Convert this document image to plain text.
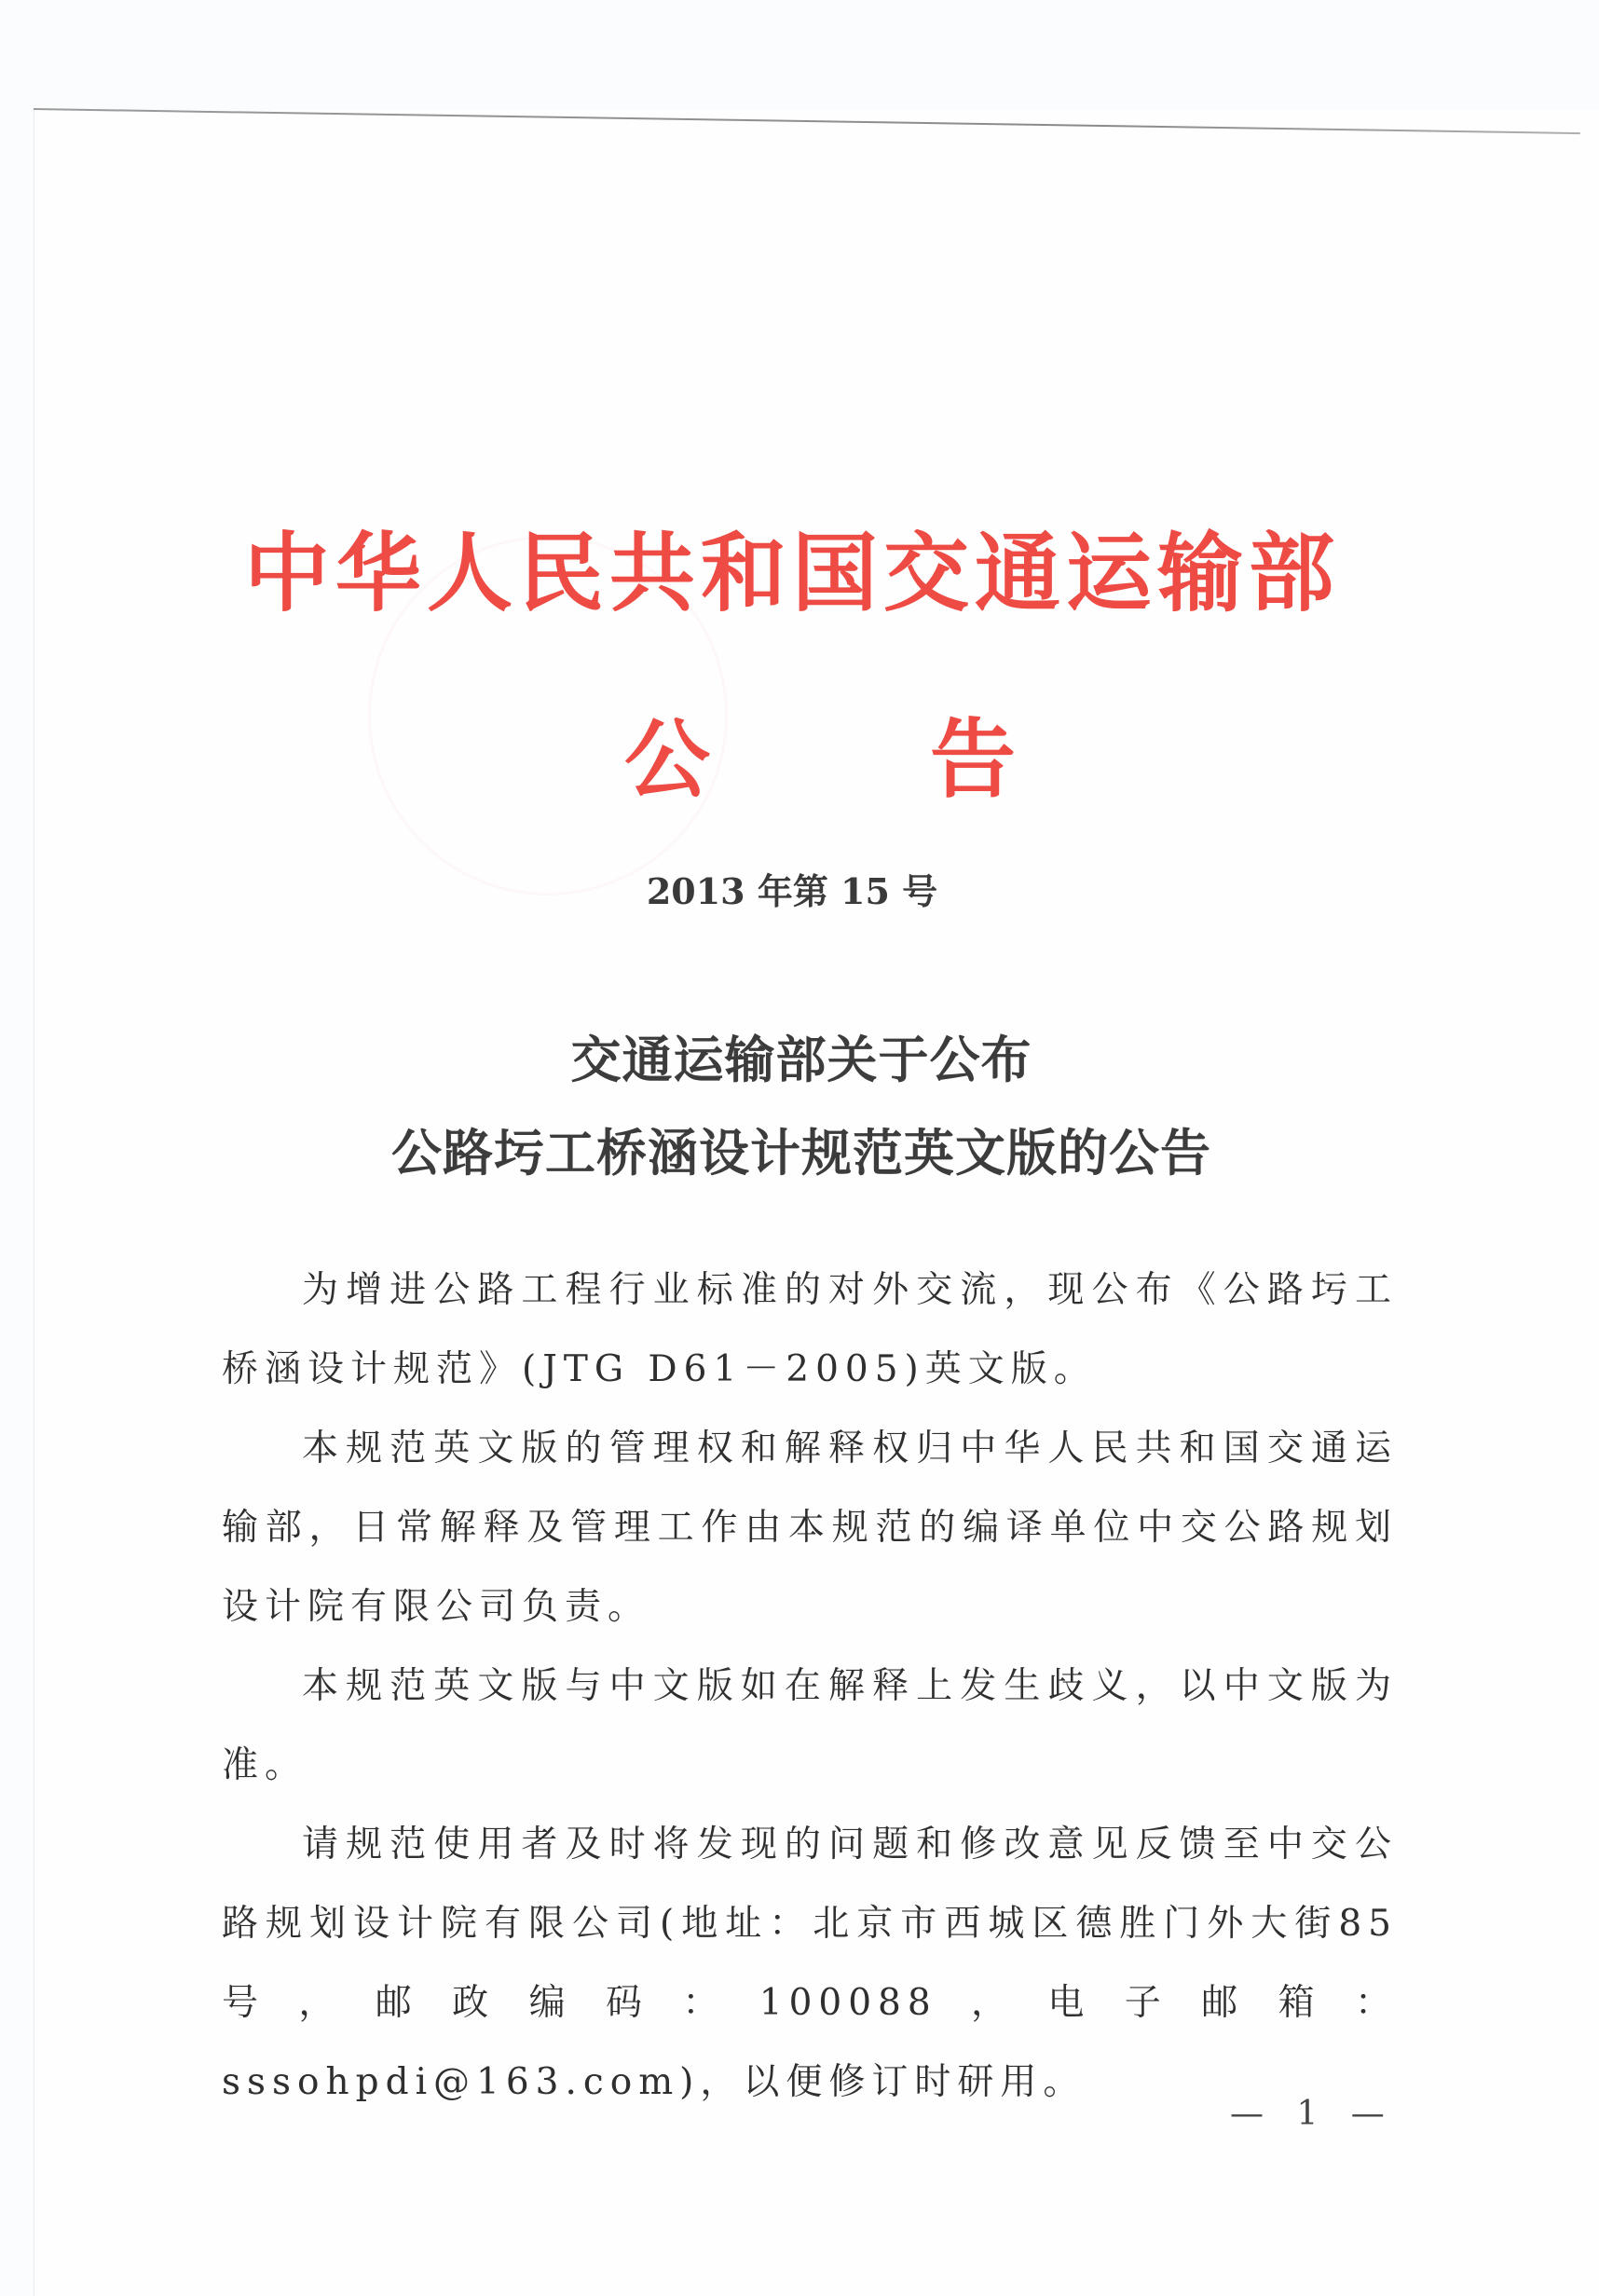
中华人民共和国交通运输部
公	告
2013 年第 15 号
交通运输部关于公布
公路圬工桥涵设计规范英文版的公告

为增进公路工程行业标准的对外交流，现公布《公路圬工桥涵设计规范》(JTG D61－2005)英文版。

本规范英文版的管理权和解释权归中华人民共和国交通运输部，日常解释及管理工作由本规范的编译单位中交公路规划设计院有限公司负责。

本规范英文版与中文版如在解释上发生歧义，以中文版为准。

请规范使用者及时将发现的问题和修改意见反馈至中交公路规划设计院有限公司(地址：北京市西城区德胜门外大街85号，邮政编码：100088，电子邮箱：sssohpdi@163.com)，以便修订时研用。

— 1 —
